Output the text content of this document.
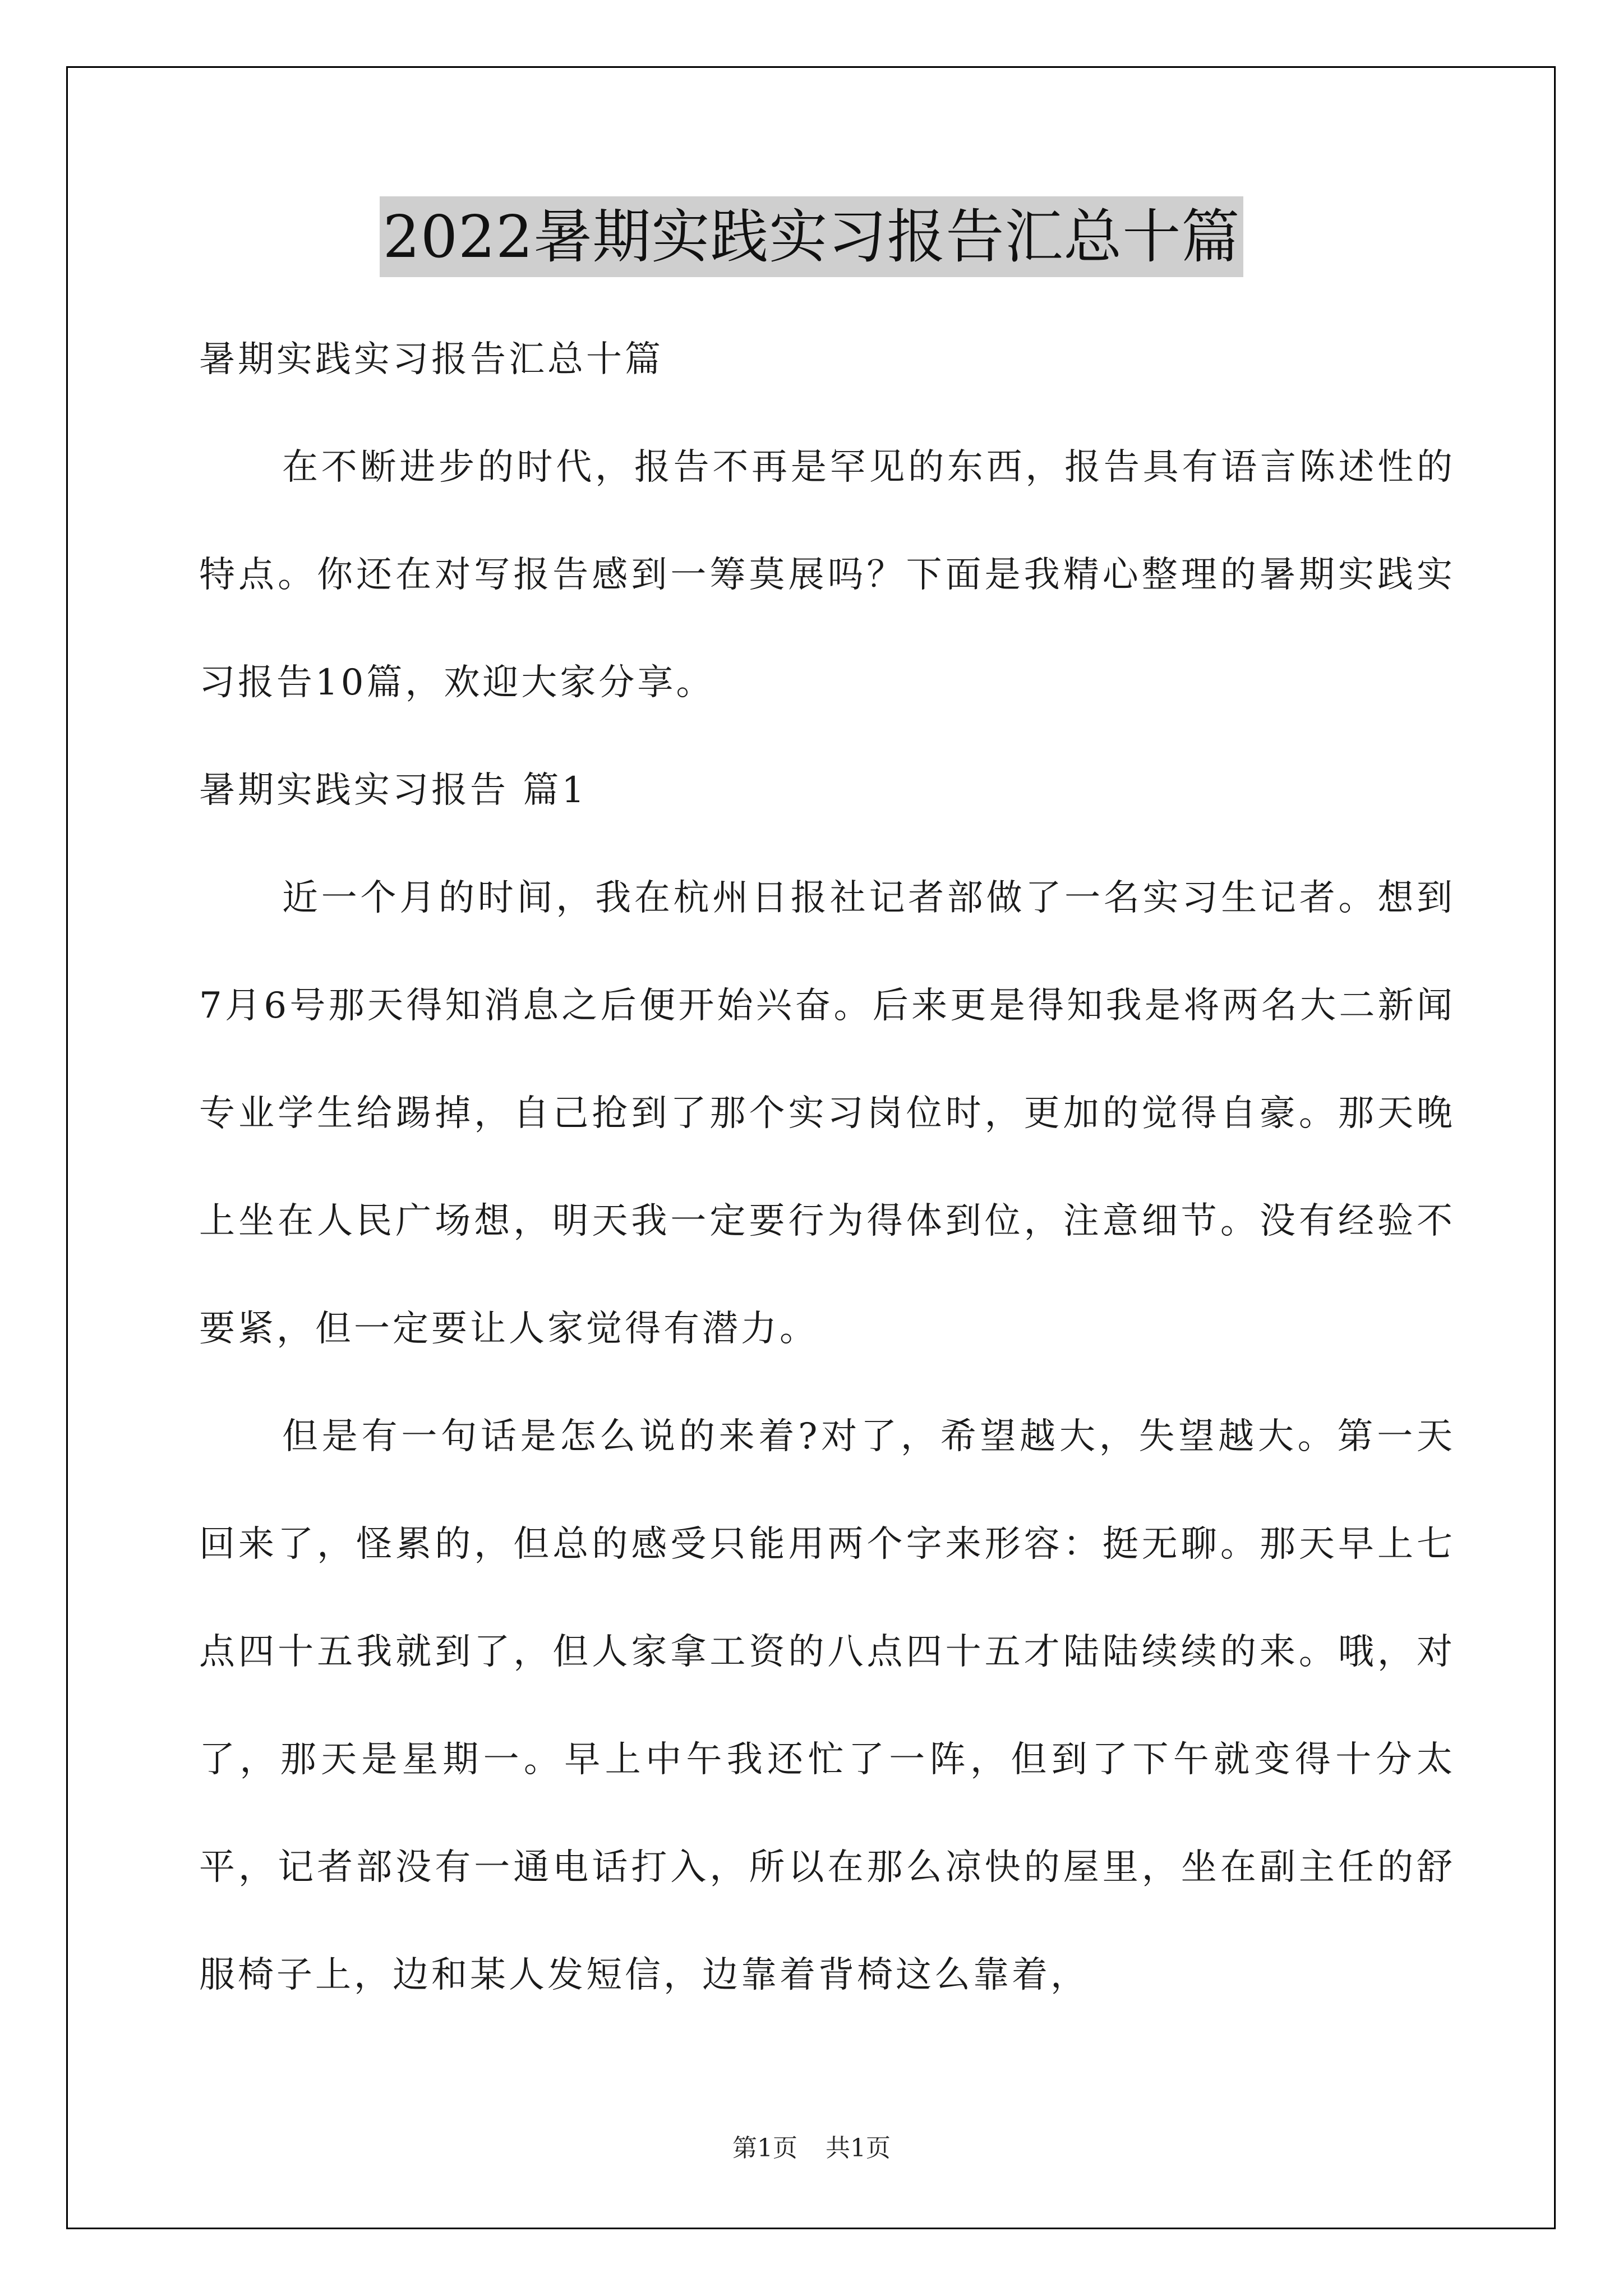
2022暑期实践实习报告汇总十篇
暑期实践实习报告汇总十篇

在不断进步的时代，报告不再是罕见的东西，报告具有语言陈述性的特点。你还在对写报告感到一筹莫展吗？下面是我精心整理的暑期实践实习报告10篇，欢迎大家分享。

暑期实践实习报告 篇1

近一个月的时间，我在杭州日报社记者部做了一名实习生记者。想到7月6号那天得知消息之后便开始兴奋。后来更是得知我是将两名大二新闻专业学生给踢掉，自己抢到了那个实习岗位时，更加的觉得自豪。那天晚上坐在人民广场想，明天我一定要行为得体到位，注意细节。没有经验不要紧，但一定要让人家觉得有潜力。

但是有一句话是怎么说的来着?对了，希望越大，失望越大。第一天回来了，怪累的，但总的感受只能用两个字来形容：挺无聊。那天早上七点四十五我就到了，但人家拿工资的八点四十五才陆陆续续的来。哦，对了，那天是星期一。早上中午我还忙了一阵，但到了下午就变得十分太平，记者部没有一通电话打入，所以在那么凉快的屋里，坐在副主任的舒服椅子上，边和某人发短信，边靠着背椅这么靠着，

第1页 共1页
